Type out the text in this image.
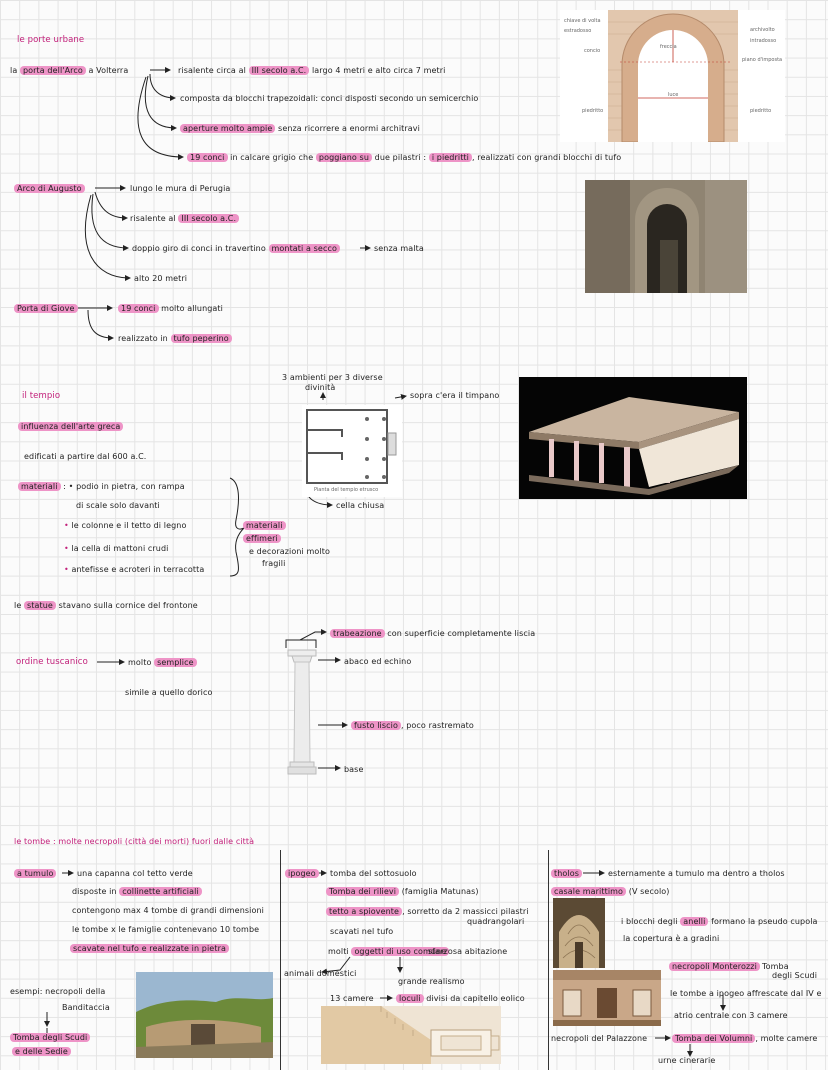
le porte urbane
la porta dell'Arco a Volterra	risalente circa al III secolo a.C. largo 4 metri e alto circa 7 metri
composta da blocchi trapezoidali: conci disposti secondo un semicerchio
aperture molto ampie senza ricorrere a enormi architravi
19 conci in calcare grigio che poggiano su due pilastri : i piedritti , realizzati con grandi blocchi di tufo
Arco di Augusto	lungo le mura di Perugia
risalente al III secolo a.C.
doppio giro di conci in travertino montati a secco	senza malta
alto 20 metri
Porta di Giove	19 conci molto allungati
realizzato in tufo peperino
chiave di volta
estradosso
concio
piedritto
archivolto
intradosso
piano d'imposta
piedritto
freccia
luce
il tempio
influenza dell'arte greca
edificati a partire dal 600 a.C.
materiali : • podio in pietra, con rampa
di scale solo davanti
• le colonne e il tetto di legno
• la cella di mattoni crudi
• antefisse e acroteri in terracotta
materiali
effimeri
e decorazioni molto
fragili
3 ambienti per 3 diverse
divinità
sopra c'era il timpano
Pianta del tempio etrusco
cella chiusa
le statue stavano sulla cornice del frontone
ordine tuscanico	molto semplice
simile a quello dorico
trabeazione con superficie completamente liscia
abaco ed echino
fusto liscio , poco rastremato
base
le tombe : molte necropoli (città dei morti) fuori dalle città
a tumulo	una capanna col tetto verde
disposte in collinette artificiali
contengono max 4 tombe di grandi dimensioni
le tombe x le famiglie contenevano 10 tombe
scavate nel tufo e realizzate in pietra
esempi: necropoli della
Banditaccia
Tomba degli Scudi
e delle Sedie
ipogeo	tomba del sottosuolo
Tomba dei rilievi (famiglia Matunas)
tetto a spiovente , sorretto da 2 massicci pilastri
scavati nel tufo
quadrangolari
molti oggetti di uso comune
sfarzosa abitazione
animali domestici
grande realismo
13 camere	loculi divisi da capitello eolico
tholos	esternamente a tumulo ma dentro a tholos
casale marittimo (V secolo)
i blocchi degli anelli formano la pseudo cupola
la copertura è a gradini
necropoli Monterozzi Tomba
degli Scudi
le tombe a ipogeo affrescate dal IV e
atrio centrale con 3 camere
necropoli del Palazzone	Tomba dei Volumni , molte camere
urne cinerarie
